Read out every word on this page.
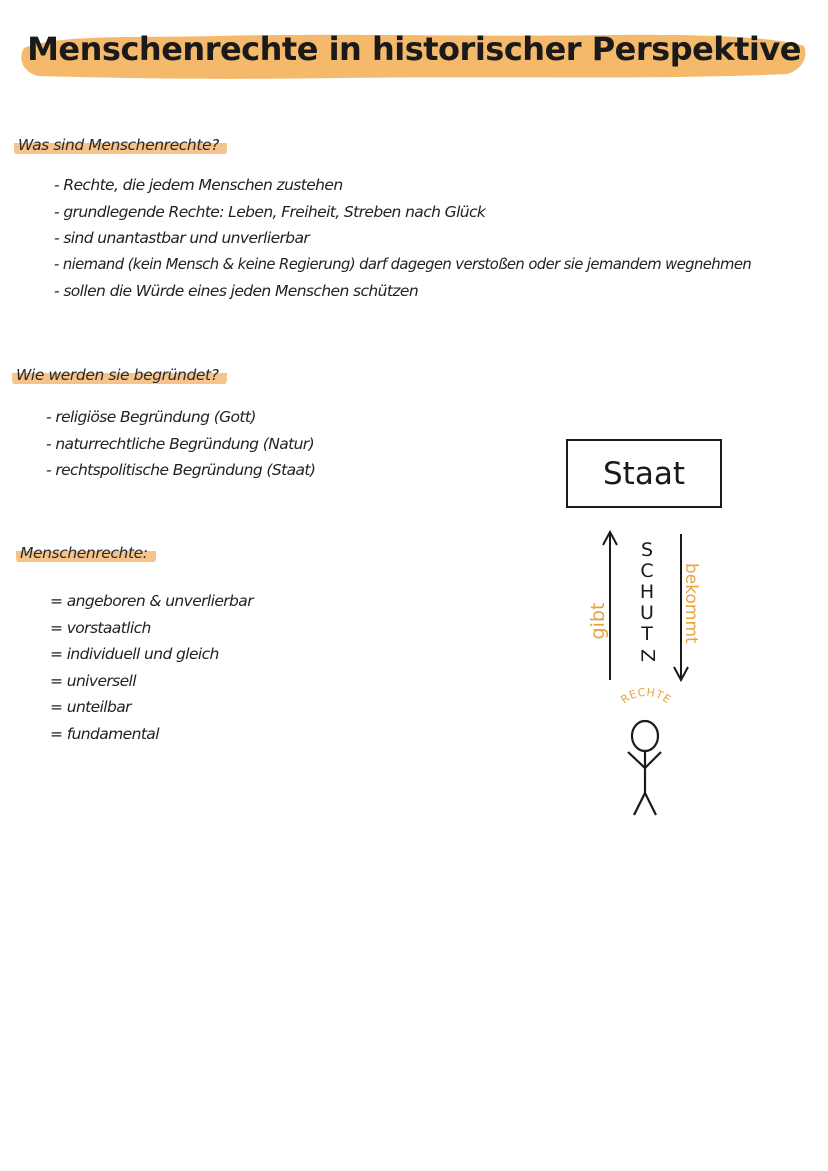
Menschenrechte in historischer Perspektive
Was sind Menschenrechte?
- Rechte, die jedem Menschen zustehen
- grundlegende Rechte: Leben, Freiheit, Streben nach Glück
- sind unantastbar und unverlierbar
- niemand (kein Mensch & keine Regierung) darf dagegen verstoßen oder sie jemandem wegnehmen
- sollen die Würde eines jeden Menschen schützen
Wie werden sie begründet?
- religiöse Begründung (Gott)
- naturrechtliche Begründung (Natur)
- rechtspolitische Begründung (Staat)
Menschenrechte:
= angeboren & unverlierbar
= vorstaatlich
= individuell und gleich
= universell
= unteilbar
= fundamental
Staat
RECHTE
gibt	bekommt
S
C
H
U
T
Z
